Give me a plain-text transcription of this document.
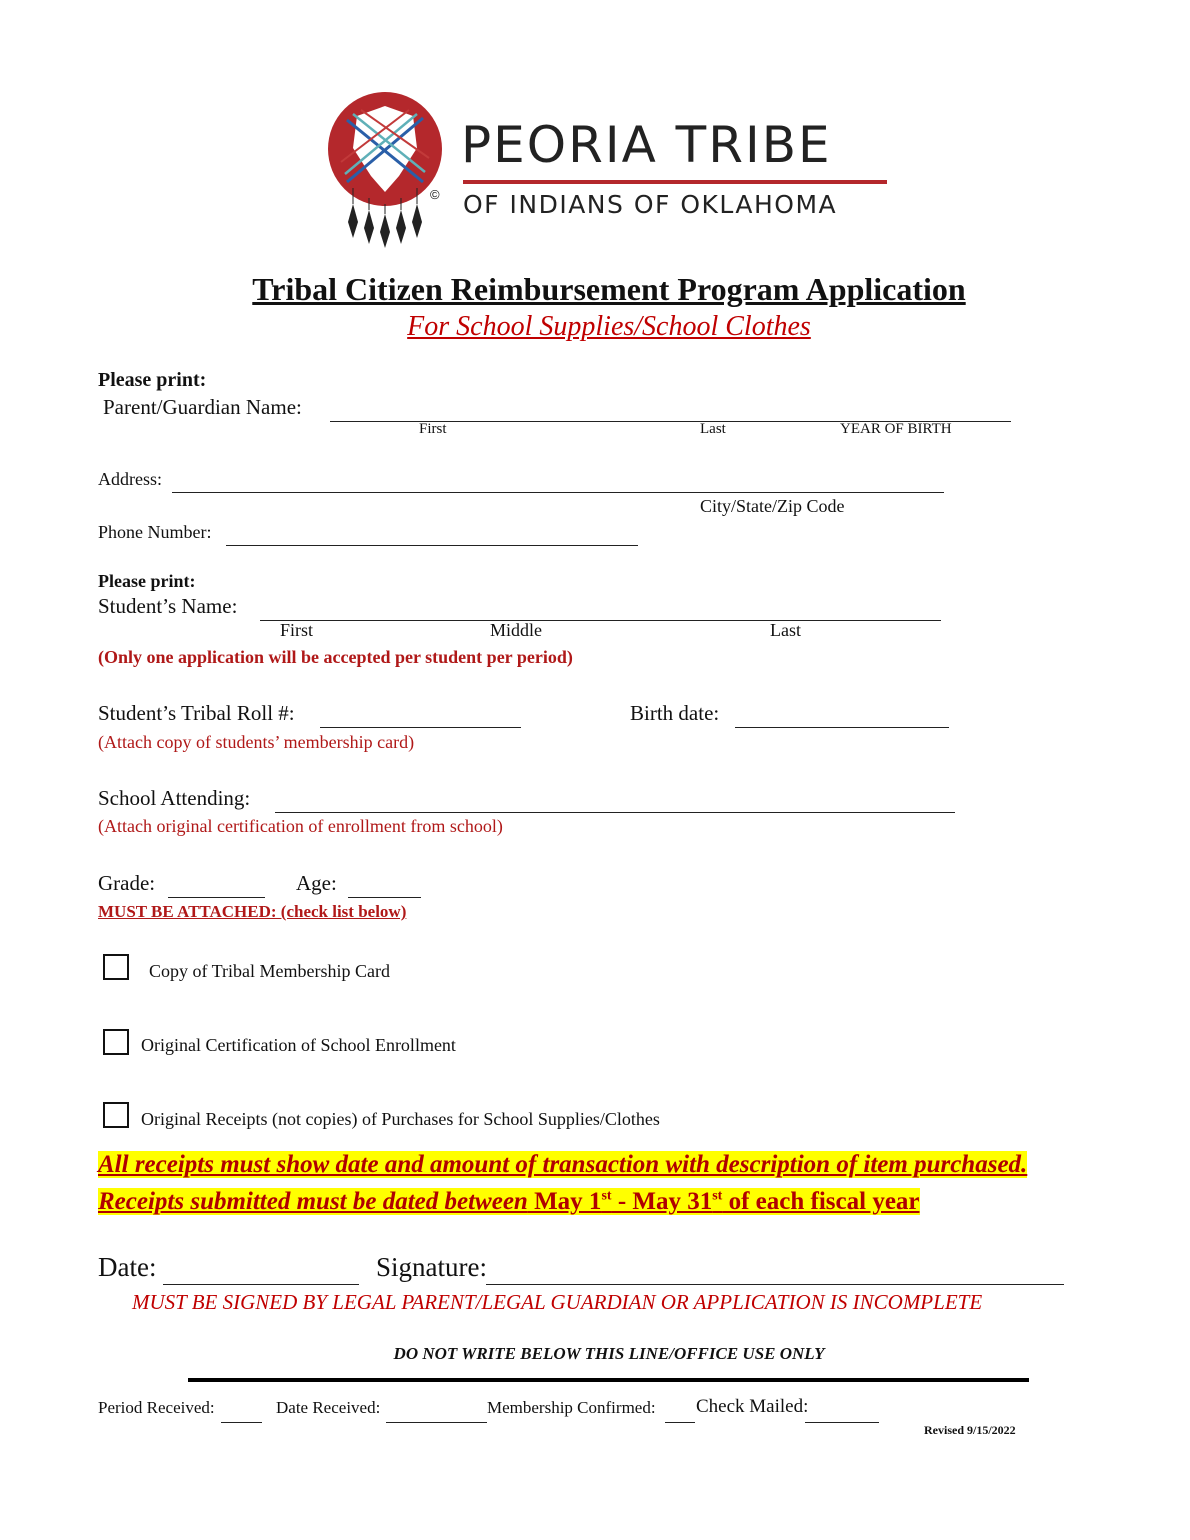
©
PEORIA TRIBE
OF INDIANS OF OKLAHOMA
Tribal Citizen Reimbursement Program Application
For School Supplies/School Clothes
Please print:
Parent/Guardian Name:
First	Last	YEAR OF BIRTH
Address:
City/State/Zip Code
Phone Number:
Please print:
Student’s Name:
First	Middle	Last
(Only one application will be accepted per student per period)
Student’s Tribal Roll #:	Birth date:
(Attach copy of students’ membership card)
School Attending:
(Attach original certification of enrollment from school)
Grade:	Age:
MUST BE ATTACHED: (check list below)
Copy of Tribal Membership Card
Original Certification of School Enrollment
Original Receipts (not copies) of Purchases for School Supplies/Clothes
All receipts must show date and amount of transaction with description of item purchased.
Receipts submitted must be dated between May 1st - May 31st of each fiscal year
Date:	Signature:
MUST BE SIGNED BY LEGAL PARENT/LEGAL GUARDIAN OR APPLICATION IS INCOMPLETE
DO NOT WRITE BELOW THIS LINE/OFFICE USE ONLY
Period Received:	Date Received:	Membership Confirmed: Check Mailed:
Revised 9/15/2022
